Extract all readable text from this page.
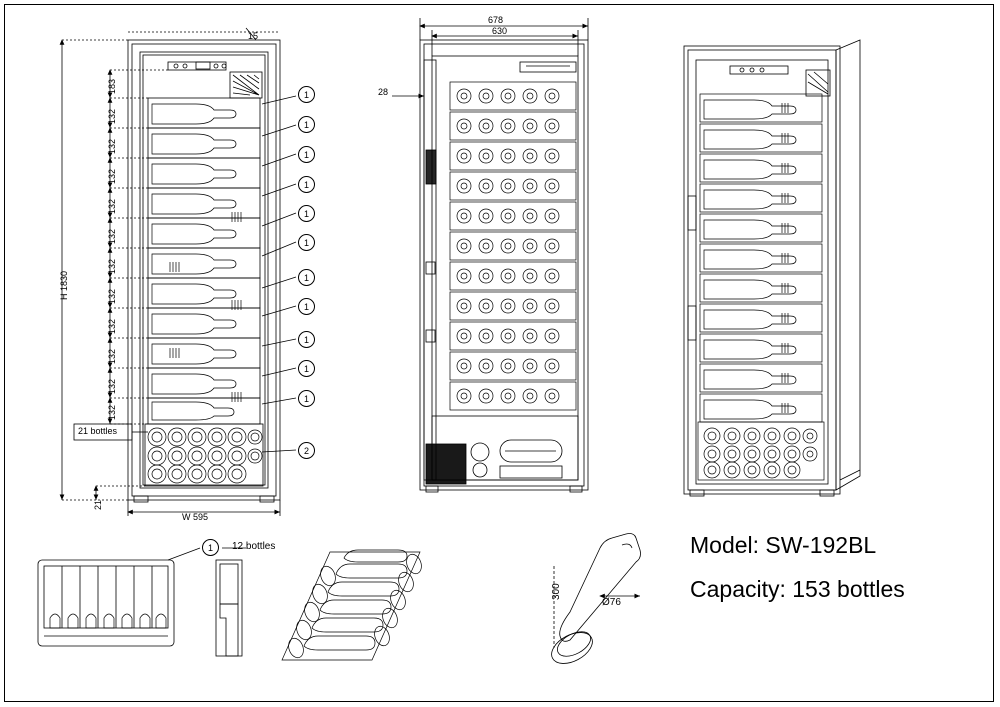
H 1830
183
132
132
132
132
132
132
132
132
132
132
132
15
21 bottles
21
W 595
1
1
1
1
1
1
1
1
1
1
1
2
678
630
28
1	12 bottles
300
Ø76
Model: SW-192BL
Capacity: 153 bottles
